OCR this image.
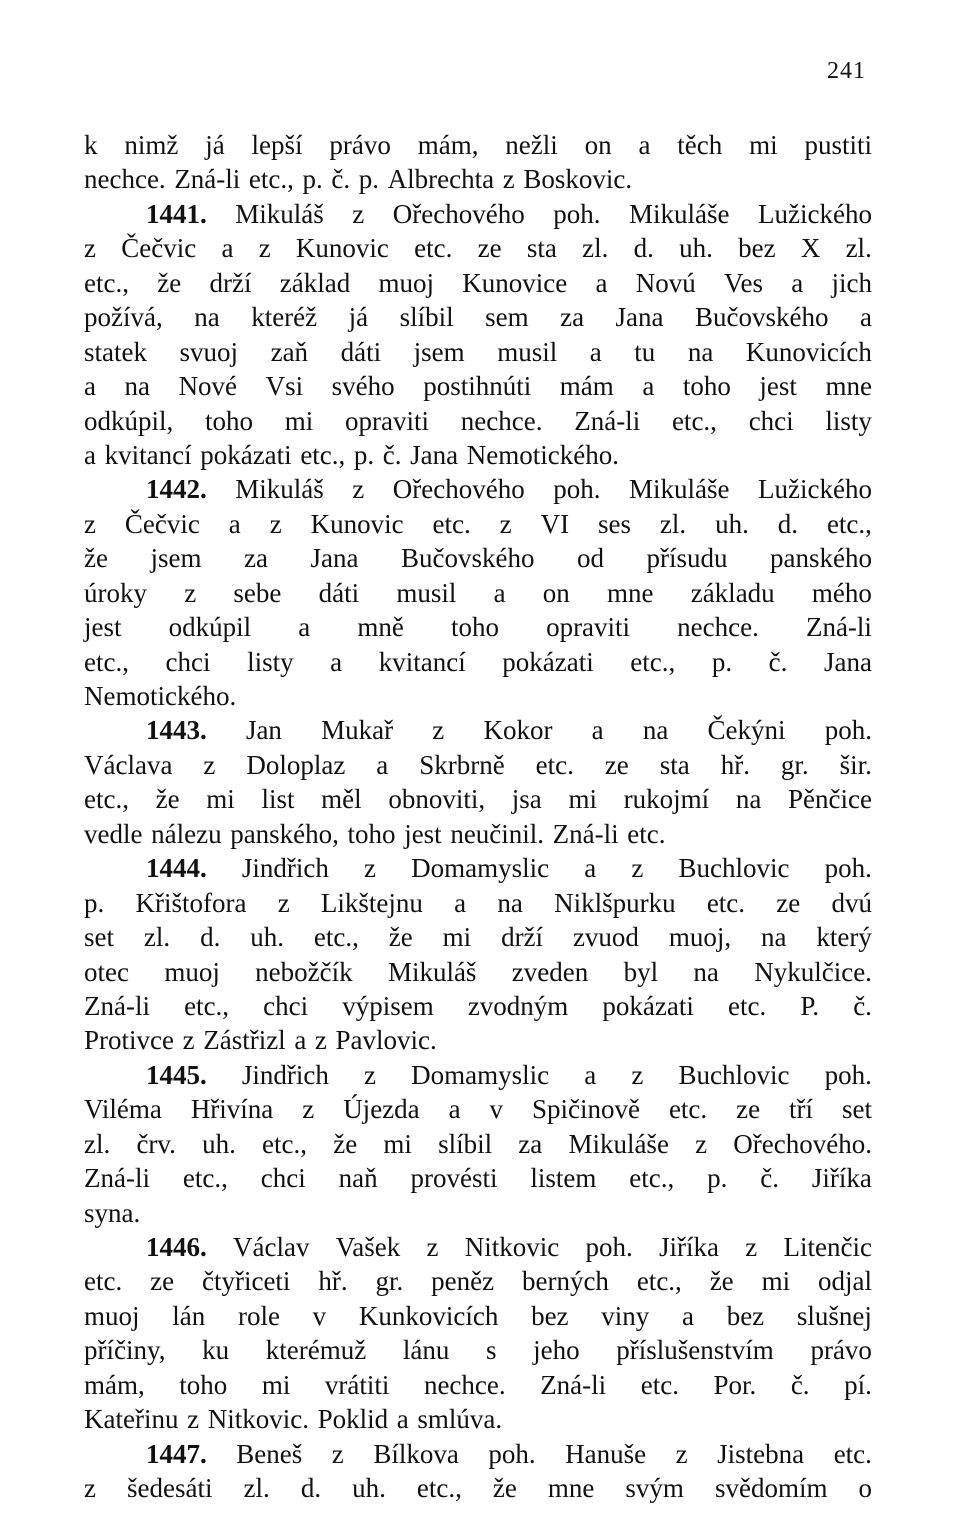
241
k nimž já lepší právo mám, nežli on a těch mi pustiti
nechce. Zná-li etc., p. č. p. Albrechta z Boskovic.
1441. Mikuláš z Ořechového poh. Mikuláše Lužického
z Čečvic a z Kunovic etc. ze sta zl. d. uh. bez X zl.
etc., že drží základ muoj Kunovice a Novú Ves a jich
požívá, na kteréž já slíbil sem za Jana Bučovského a
statek svuoj zaň dáti jsem musil a tu na Kunovicích
a na Nové Vsi svého postihnúti mám a toho jest mne
odkúpil, toho mi opraviti nechce. Zná-li etc., chci listy
a kvitancí pokázati etc., p. č. Jana Nemotického.
1442. Mikuláš z Ořechového poh. Mikuláše Lužického
z Čečvic a z Kunovic etc. z VI ses zl. uh. d. etc.,
že jsem za Jana Bučovského od přísudu panského
úroky z sebe dáti musil a on mne základu mého
jest odkúpil a mně toho opraviti nechce. Zná-li
etc., chci listy a kvitancí pokázati etc., p. č. Jana
Nemotického.
1443. Jan Mukař z Kokor a na Čekýni poh.
Václava z Doloplaz a Skrbrně etc. ze sta hř. gr. šir.
etc., že mi list měl obnoviti, jsa mi rukojmí na Pěnčice
vedle nálezu panského, toho jest neučinil. Zná-li etc.
1444. Jindřich z Domamyslic a z Buchlovic poh.
p. Křištofora z Likštejnu a na Niklšpurku etc. ze dvú
set zl. d. uh. etc., že mi drží zvuod muoj, na který
otec muoj nebožčík Mikuláš zveden byl na Nykulčice.
Zná-li etc., chci výpisem zvodným pokázati etc. P. č.
Protivce z Zástřizl a z Pavlovic.
1445. Jindřich z Domamyslic a z Buchlovic poh.
Viléma Hřivína z Újezda a v Spičinově etc. ze tří set
zl. črv. uh. etc., že mi slíbil za Mikuláše z Ořechového.
Zná-li etc., chci naň provésti listem etc., p. č. Jiříka
syna.
1446. Václav Vašek z Nitkovic poh. Jiříka z Litenčic
etc. ze čtyřiceti hř. gr. peněz berných etc., že mi odjal
muoj lán role v Kunkovicích bez viny a bez slušnej
příčiny, ku kterémuž lánu s jeho příslušenstvím právo
mám, toho mi vrátiti nechce. Zná-li etc. Por. č. pí.
Kateřinu z Nitkovic. Poklid a smlúva.
1447. Beneš z Bílkova poh. Hanuše z Jistebna etc.
z šedesáti zl. d. uh. etc., že mne svým svědomím o
